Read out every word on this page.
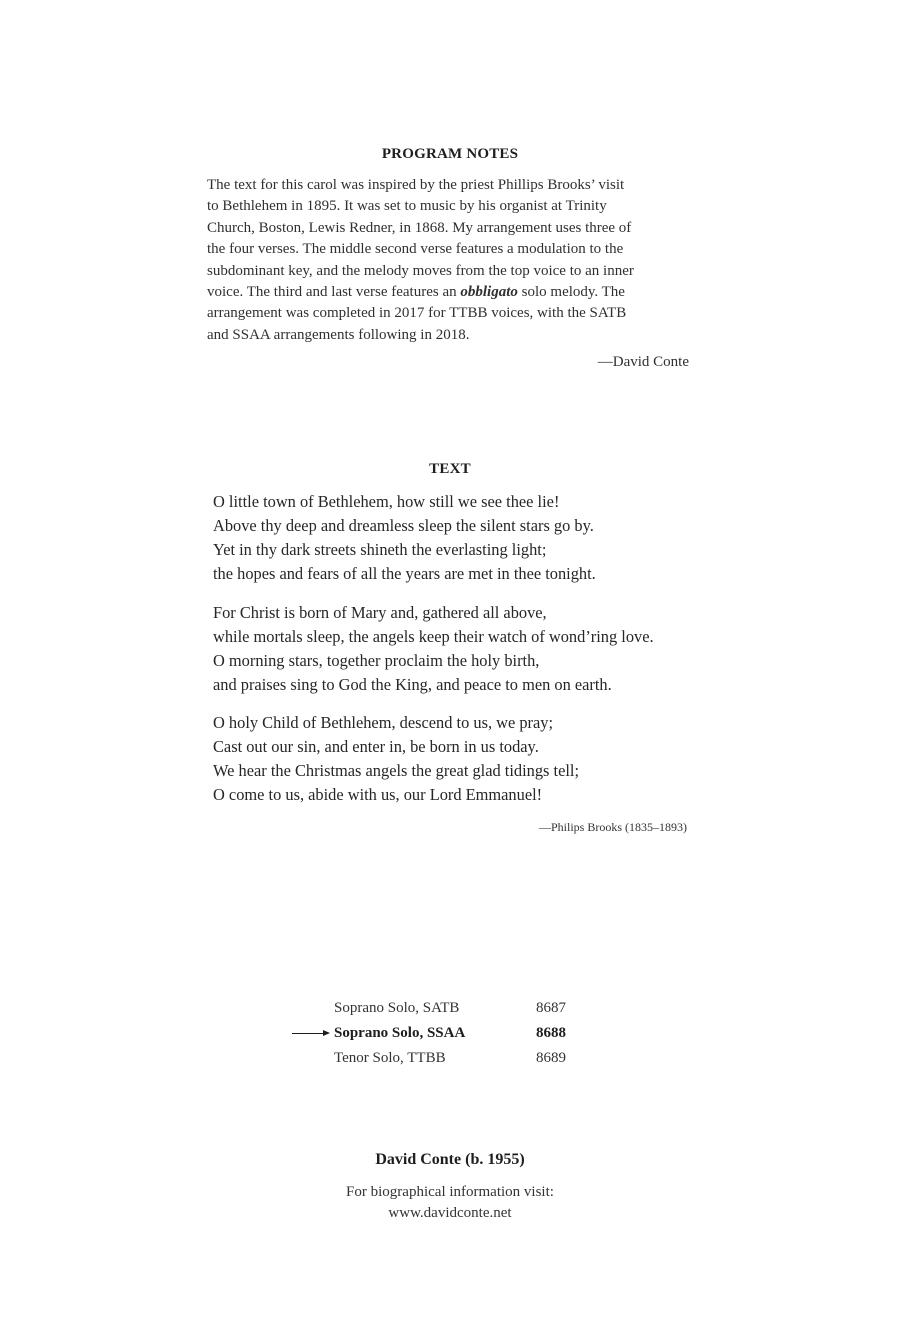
PROGRAM NOTES
The text for this carol was inspired by the priest Phillips Brooks’ visit
to Bethlehem in 1895. It was set to music by his organist at Trinity
Church, Boston, Lewis Redner, in 1868. My arrangement uses three of
the four verses. The middle second verse features a modulation to the
subdominant key, and the melody moves from the top voice to an inner
voice. The third and last verse features an obbligato solo melody. The
arrangement was completed in 2017 for TTBB voices, with the SATB
and SSAA arrangements following in 2018.
—David Conte
TEXT
O little town of Bethlehem, how still we see thee lie!
Above thy deep and dreamless sleep the silent stars go by.
Yet in thy dark streets shineth the everlasting light;
the hopes and fears of all the years are met in thee tonight.
For Christ is born of Mary and, gathered all above,
while mortals sleep, the angels keep their watch of wond’ring love.
O morning stars, together proclaim the holy birth,
and praises sing to God the King, and peace to men on earth.
O holy Child of Bethlehem, descend to us, we pray;
Cast out our sin, and enter in, be born in us today.
We hear the Christmas angels the great glad tidings tell;
O come to us, abide with us, our Lord Emmanuel!
—Philips Brooks (1835–1893)
Soprano Solo, SATB	8687
Soprano Solo, SSAA	8688
Tenor Solo, TTBB	8689
David Conte (b. 1955)
For biographical information visit:
www.davidconte.net
